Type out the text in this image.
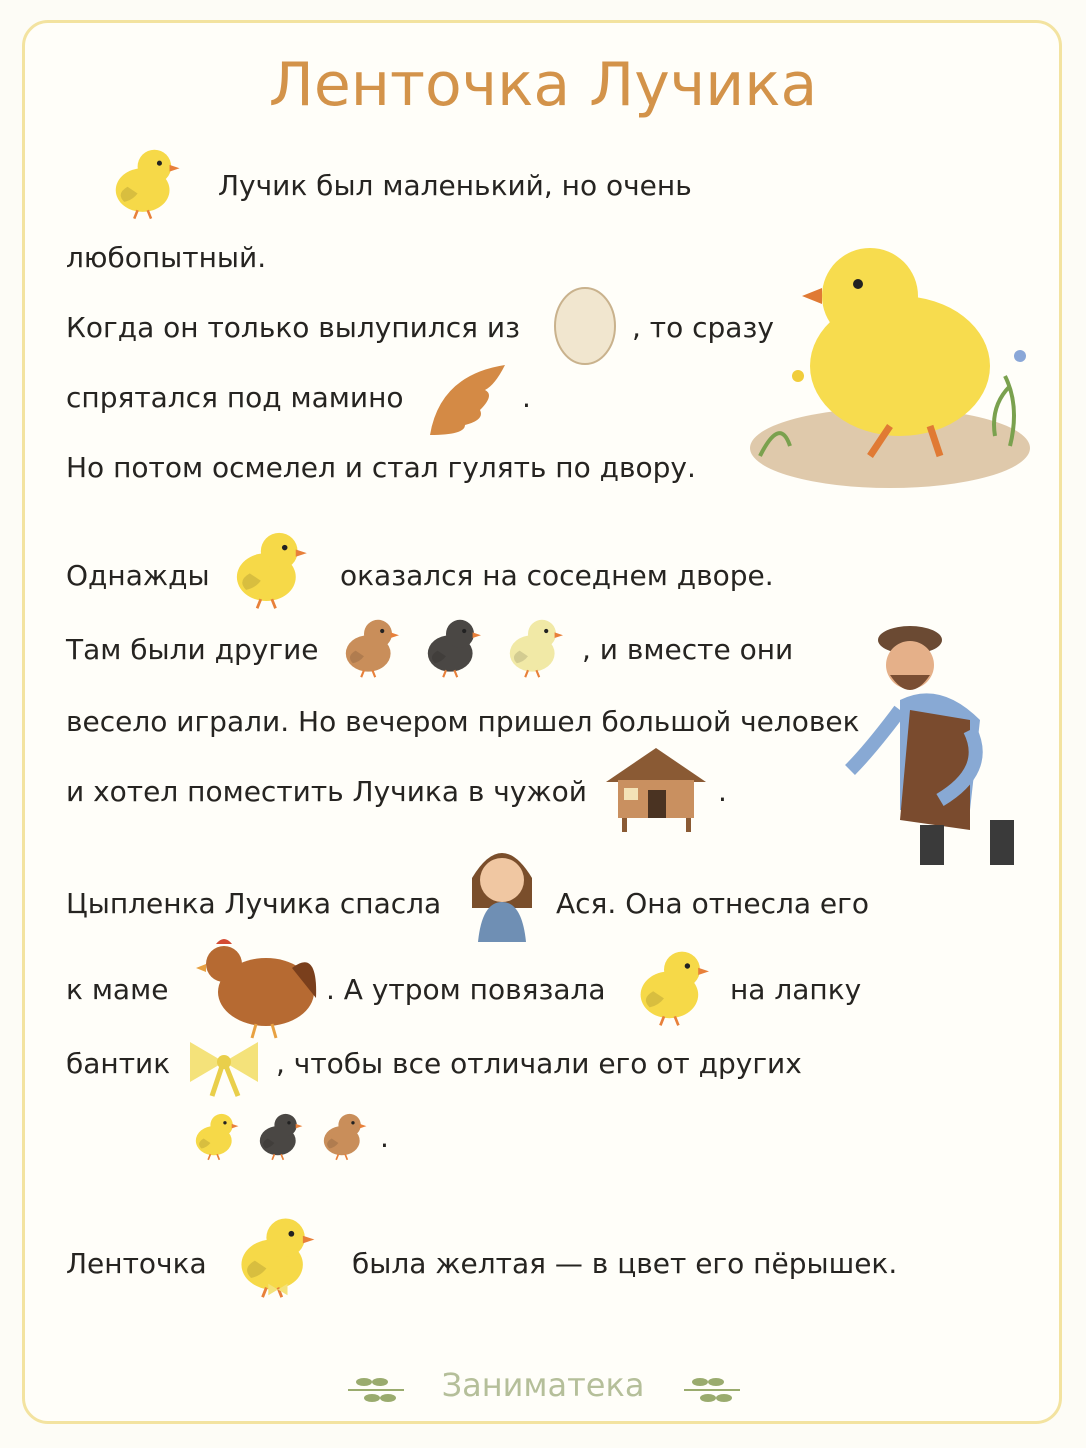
Ленточка Лучика
Лучик был маленький, но очень
любопытный.
Когда он только вылупился из	, то сразу
спрятался под мамино	.
Но потом осмелел и стал гулять по двору.
Однажды	оказался на соседнем дворе.
Там были другие	, и вместе они
весело играли. Но вечером пришел большой человек
и хотел поместить Лучика в чужой	.
Цыпленка Лучика спасла	Ася. Она отнесла его
к маме	. А утром повязала	на лапку
бантик	, чтобы все отличали его от других
.
Ленточка	была желтая — в цвет его пёрышек.
Заниматека
